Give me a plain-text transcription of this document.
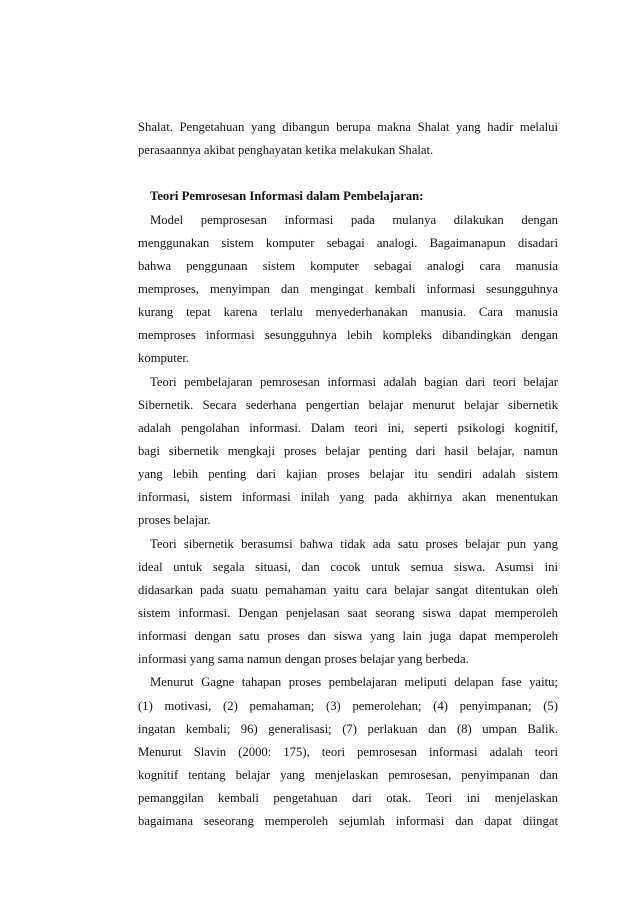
Shalat. Pengetahuan yang dibangun berupa makna Shalat yang hadir melalui
perasaannya akibat penghayatan ketika melakukan Shalat.
Teori Pemrosesan Informasi dalam Pembelajaran:
Model pemprosesan informasi pada mulanya dilakukan dengan
menggunakan sistem komputer sebagai analogi. Bagaimanapun disadari
bahwa penggunaan sistem komputer sebagai analogi cara manusia
memproses, menyimpan dan mengingat kembali informasi sesungguhnya
kurang tepat karena terlalu menyederhanakan manusia. Cara manusia
memproses informasi sesungguhnya lebih kompleks dibandingkan dengan
komputer.
Teori pembelajaran pemrosesan informasi adalah bagian dari teori belajar
Sibernetik. Secara sederhana pengertian belajar menurut belajar sibernetik
adalah pengolahan informasi. Dalam teori ini, seperti psikologi kognitif,
bagi sibernetik mengkaji proses belajar penting dari hasil belajar, namun
yang lebih penting dari kajian proses belajar itu sendiri adalah sistem
informasi, sistem informasi inilah yang pada akhirnya akan menentukan
proses belajar.
Teori sibernetik berasumsi bahwa tidak ada satu proses belajar pun yang
ideal untuk segala situasi, dan cocok untuk semua siswa. Asumsi ini
didasarkan pada suatu pemahaman yaitu cara belajar sangat ditentukan oleh
sistem informasi. Dengan penjelasan saat seorang siswa dapat memperoleh
informasi dengan satu proses dan siswa yang lain juga dapat memperoleh
informasi yang sama namun dengan proses belajar yang berbeda.
Menurut Gagne tahapan proses pembelajaran meliputi delapan fase yaitu;
(1) motivasi, (2) pemahaman; (3) pemerolehan; (4) penyimpanan; (5)
ingatan kembali; 96) generalisasi; (7) perlakuan dan (8) umpan Balik.
Menurut Slavin (2000: 175), teori pemrosesan informasi adalah teori
kognitif tentang belajar yang menjelaskan pemrosesan, penyimpanan dan
pemanggilan kembali pengetahuan dari otak. Teori ini menjelaskan
bagaimana seseorang memperoleh sejumlah informasi dan dapat diingat
